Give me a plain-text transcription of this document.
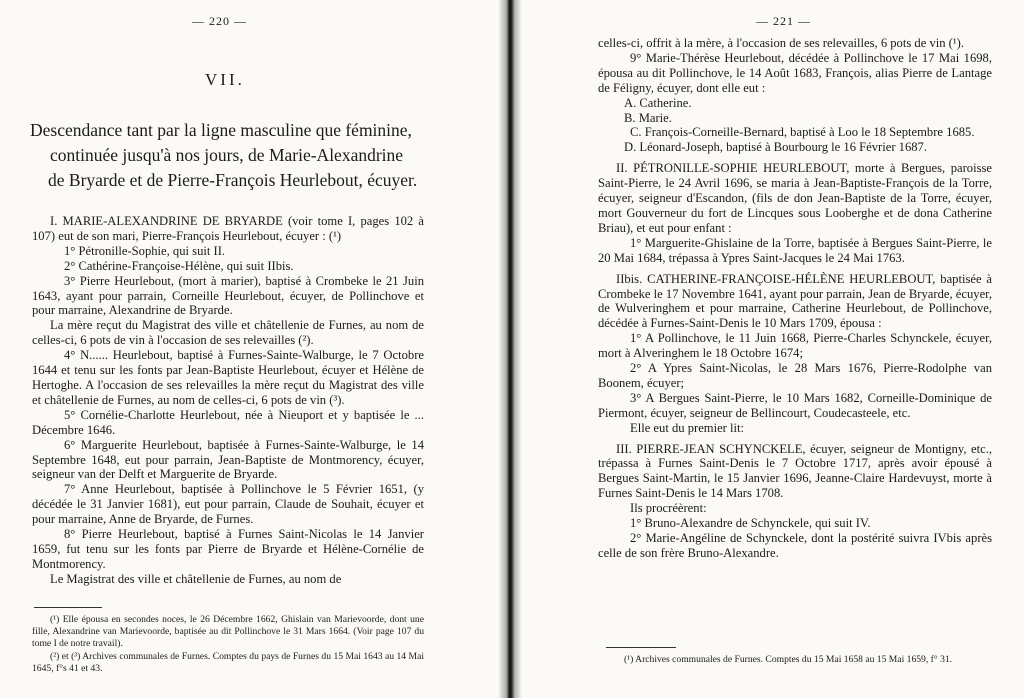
— 220 —
VII.
Descendance tant par la ligne masculine que féminine,
continuée jusqu'à nos jours, de Marie-Alexandrine
de Bryarde et de Pierre-François Heurlebout, écuyer.

I. MARIE-ALEXANDRINE DE BRYARDE (voir tome I, pages 102 à 107) eut de son mari, Pierre-François Heurlebout, écuyer : (¹)

1° Pétronille-Sophie, qui suit II.

2° Cathérine-Françoise-Hélène, qui suit IIbis.

3° Pierre Heurlebout, (mort à marier), baptisé à Crombeke le 21 Juin 1643, ayant pour parrain, Corneille Heurlebout, écuyer, de Pollinchove et pour marraine, Alexandrine de Bryarde.

La mère reçut du Magistrat des ville et châtellenie de Furnes, au nom de celles-ci, 6 pots de vin à l'occasion de ses relevailles (²).

4° N...... Heurlebout, baptisé à Furnes-Sainte-Walburge, le 7 Octobre 1644 et tenu sur les fonts par Jean-Baptiste Heurlebout, écuyer et Hélène de Hertoghe. A l'occasion de ses relevailles la mère reçut du Magistrat des ville et châtellenie de Furnes, au nom de celles-ci, 6 pots de vin (³).

5° Cornélie-Charlotte Heurlebout, née à Nieuport et y baptisée le ... Décembre 1646.

6° Marguerite Heurlebout, baptisée à Furnes-Sainte-Walburge, le 14 Septembre 1648, eut pour parrain, Jean-Baptiste de Montmorency, écuyer, seigneur van der Delft et Marguerite de Bryarde.

7° Anne Heurlebout, baptisée à Pollinchove le 5 Février 1651, (y décédée le 31 Janvier 1681), eut pour parrain, Claude de Souhait, écuyer et pour marraine, Anne de Bryarde, de Furnes.

8° Pierre Heurlebout, baptisé à Furnes Saint-Nicolas le 14 Janvier 1659, fut tenu sur les fonts par Pierre de Bryarde et Hélène-Cornélie de Montmorency.

Le Magistrat des ville et châtellenie de Furnes, au nom de

(¹) Elle épousa en secondes noces, le 26 Décembre 1662, Ghislain van Marievoorde, dont une fille, Alexandrine van Marievoorde, baptisée au dit Pollinchove le 31 Mars 1664. (Voir page 107 du tome I de notre travail).

(²) et (³) Archives communales de Furnes. Comptes du pays de Furnes du 15 Mai 1643 au 14 Mai 1645, f°s 41 et 43.

— 221 —

celles-ci, offrit à la mère, à l'occasion de ses relevailles, 6 pots de vin (¹).

9° Marie-Thérèse Heurlebout, décédée à Pollinchove le 17 Mai 1698, épousa au dit Pollinchove, le 14 Août 1683, François, alias Pierre de Lantage de Féligny, écuyer, dont elle eut :

A. Catherine.

B. Marie.

C. François-Corneille-Bernard, baptisé à Loo le 18 Septembre 1685.

D. Léonard-Joseph, baptisé à Bourbourg le 16 Février 1687.

II. PÉTRONILLE-SOPHIE HEURLEBOUT, morte à Bergues, paroisse Saint-Pierre, le 24 Avril 1696, se maria à Jean-Baptiste-François de la Torre, écuyer, seigneur d'Escandon, (fils de don Jean-Baptiste de la Torre, écuyer, mort Gouverneur du fort de Lincques sous Looberghe et de dona Catherine Briau), et eut pour enfant :

1° Marguerite-Ghislaine de la Torre, baptisée à Bergues Saint-Pierre, le 20 Mai 1684, trépassa à Ypres Saint-Jacques le 24 Mai 1763.

IIbis. CATHERINE-FRANÇOISE-HÉLÈNE HEURLEBOUT, baptisée à Crombeke le 17 Novembre 1641, ayant pour parrain, Jean de Bryarde, écuyer, de Wulveringhem et pour marraine, Catherine Heurlebout, de Pollinchove, décédée à Furnes-Saint-Denis le 10 Mars 1709, épousa :

1° A Pollinchove, le 11 Juin 1668, Pierre-Charles Schynckele, écuyer, mort à Alveringhem le 18 Octobre 1674;

2° A Ypres Saint-Nicolas, le 28 Mars 1676, Pierre-Rodolphe van Boonem, écuyer;

3° A Bergues Saint-Pierre, le 10 Mars 1682, Corneille-Dominique de Piermont, écuyer, seigneur de Bellincourt, Coudecasteele, etc.

Elle eut du premier lit:

III. PIERRE-JEAN SCHYNCKELE, écuyer, seigneur de Montigny, etc., trépassa à Furnes Saint-Denis le 7 Octobre 1717, après avoir épousé à Bergues Saint-Martin, le 15 Janvier 1696, Jeanne-Claire Hardevuyst, morte à Furnes Saint-Denis le 14 Mars 1708.

Ils procréèrent:

1° Bruno-Alexandre de Schynckele, qui suit IV.

2° Marie-Angéline de Schynckele, dont la postérité suivra IVbis après celle de son frère Bruno-Alexandre.

(¹) Archives communales de Furnes. Comptes du 15 Mai 1658 au 15 Mai 1659, f° 31.
